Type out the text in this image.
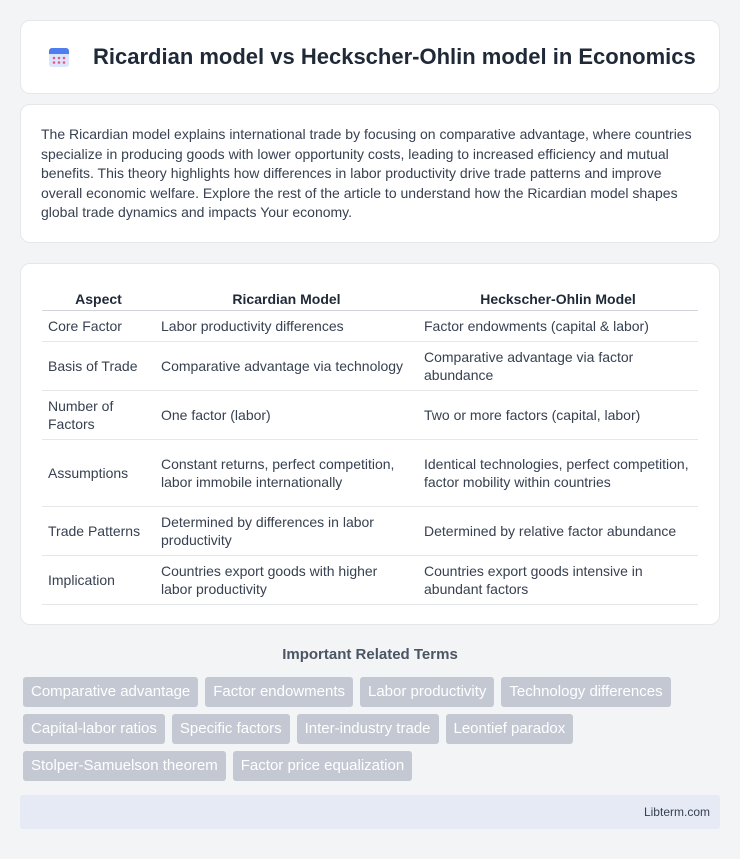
Ricardian model vs Heckscher-Ohlin model in Economics

The Ricardian model explains international trade by focusing on comparative advantage, where countries specialize in producing goods with lower opportunity costs, leading to increased efficiency and mutual benefits. This theory highlights how differences in labor productivity drive trade patterns and improve overall economic welfare. Explore the rest of the article to understand how the Ricardian model shapes global trade dynamics and impacts Your economy.

Aspect	Ricardian Model	Heckscher-Ohlin Model
Core Factor	Labor productivity differences	Factor endowments (capital & labor)
Basis of Trade	Comparative advantage via technology	Comparative advantage via factor abundance
Number of Factors	One factor (labor)	Two or more factors (capital, labor)
Assumptions	Constant returns, perfect competition, labor immobile internationally	Identical technologies, perfect competition, factor mobility within countries
Trade Patterns	Determined by differences in labor productivity	Determined by relative factor abundance
Implication	Countries export goods with higher labor productivity	Countries export goods intensive in abundant factors
Important Related Terms
Comparative advantage	Factor endowments	Labor productivity	Technology differences
Capital-labor ratios	Specific factors	Inter-industry trade	Leontief paradox
Stolper-Samuelson theorem	Factor price equalization
Libterm.com
